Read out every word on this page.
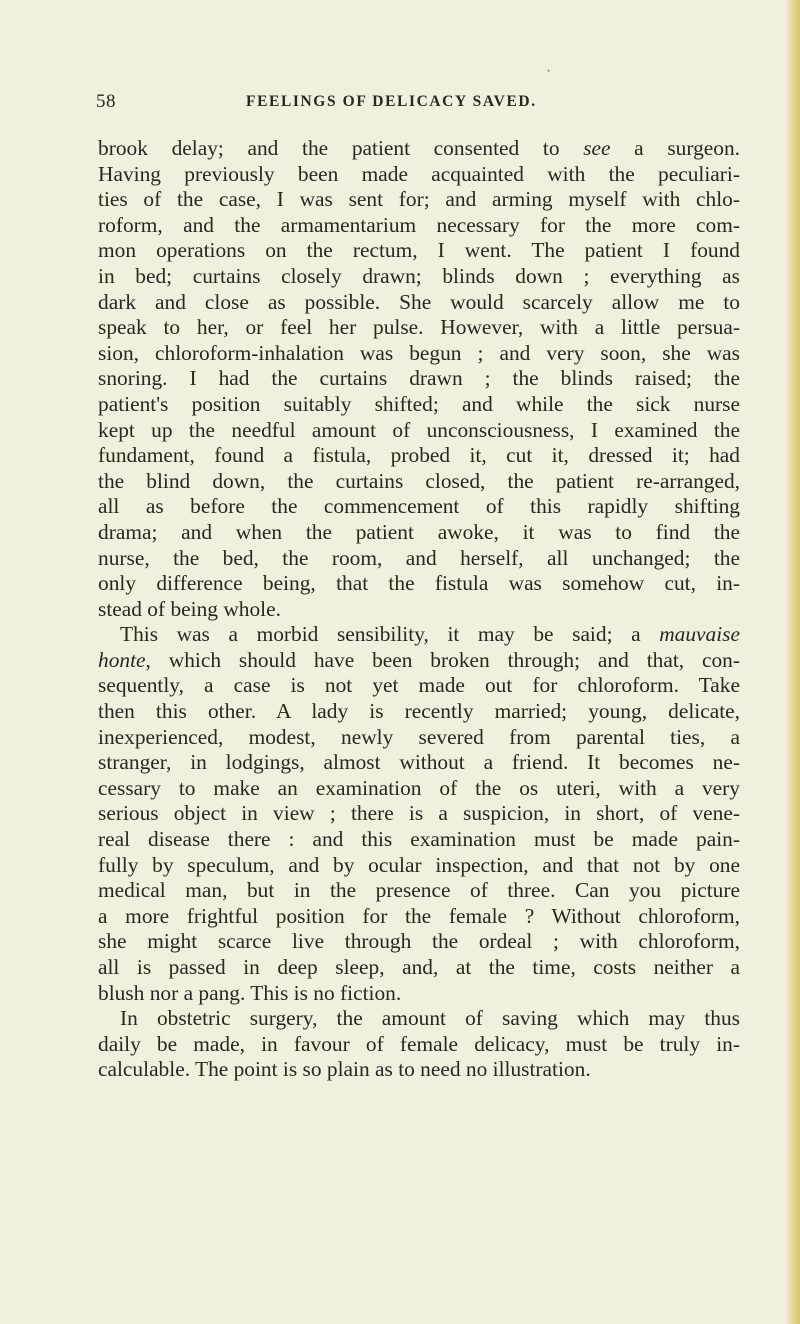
•
58	FEELINGS OF DELICACY SAVED.
brook delay; and the patient consented to see a surgeon.
Having previously been made acquainted with the peculiari-
ties of the case, I was sent for; and arming myself with chlo-
roform, and the armamentarium necessary for the more com-
mon operations on the rectum, I went. The patient I found
in bed; curtains closely drawn; blinds down ; everything as
dark and close as possible. She would scarcely allow me to
speak to her, or feel her pulse. However, with a little persua-
sion, chloroform-inhalation was begun ; and very soon, she was
snoring. I had the curtains drawn ; the blinds raised; the
patient's position suitably shifted; and while the sick nurse
kept up the needful amount of unconsciousness, I examined the
fundament, found a fistula, probed it, cut it, dressed it; had
the blind down, the curtains closed, the patient re-arranged,
all as before the commencement of this rapidly shifting
drama; and when the patient awoke, it was to find the
nurse, the bed, the room, and herself, all unchanged; the
only difference being, that the fistula was somehow cut, in-
stead of being whole.
This was a morbid sensibility, it may be said; a mauvaise
honte, which should have been broken through; and that, con-
sequently, a case is not yet made out for chloroform. Take
then this other. A lady is recently married; young, delicate,
inexperienced, modest, newly severed from parental ties, a
stranger, in lodgings, almost without a friend. It becomes ne-
cessary to make an examination of the os uteri, with a very
serious object in view ; there is a suspicion, in short, of vene-
real disease there : and this examination must be made pain-
fully by speculum, and by ocular inspection, and that not by one
medical man, but in the presence of three. Can you picture
a more frightful position for the female ? Without chloroform,
she might scarce live through the ordeal ; with chloroform,
all is passed in deep sleep, and, at the time, costs neither a
blush nor a pang. This is no fiction.
In obstetric surgery, the amount of saving which may thus
daily be made, in favour of female delicacy, must be truly in-
calculable. The point is so plain as to need no illustration.
